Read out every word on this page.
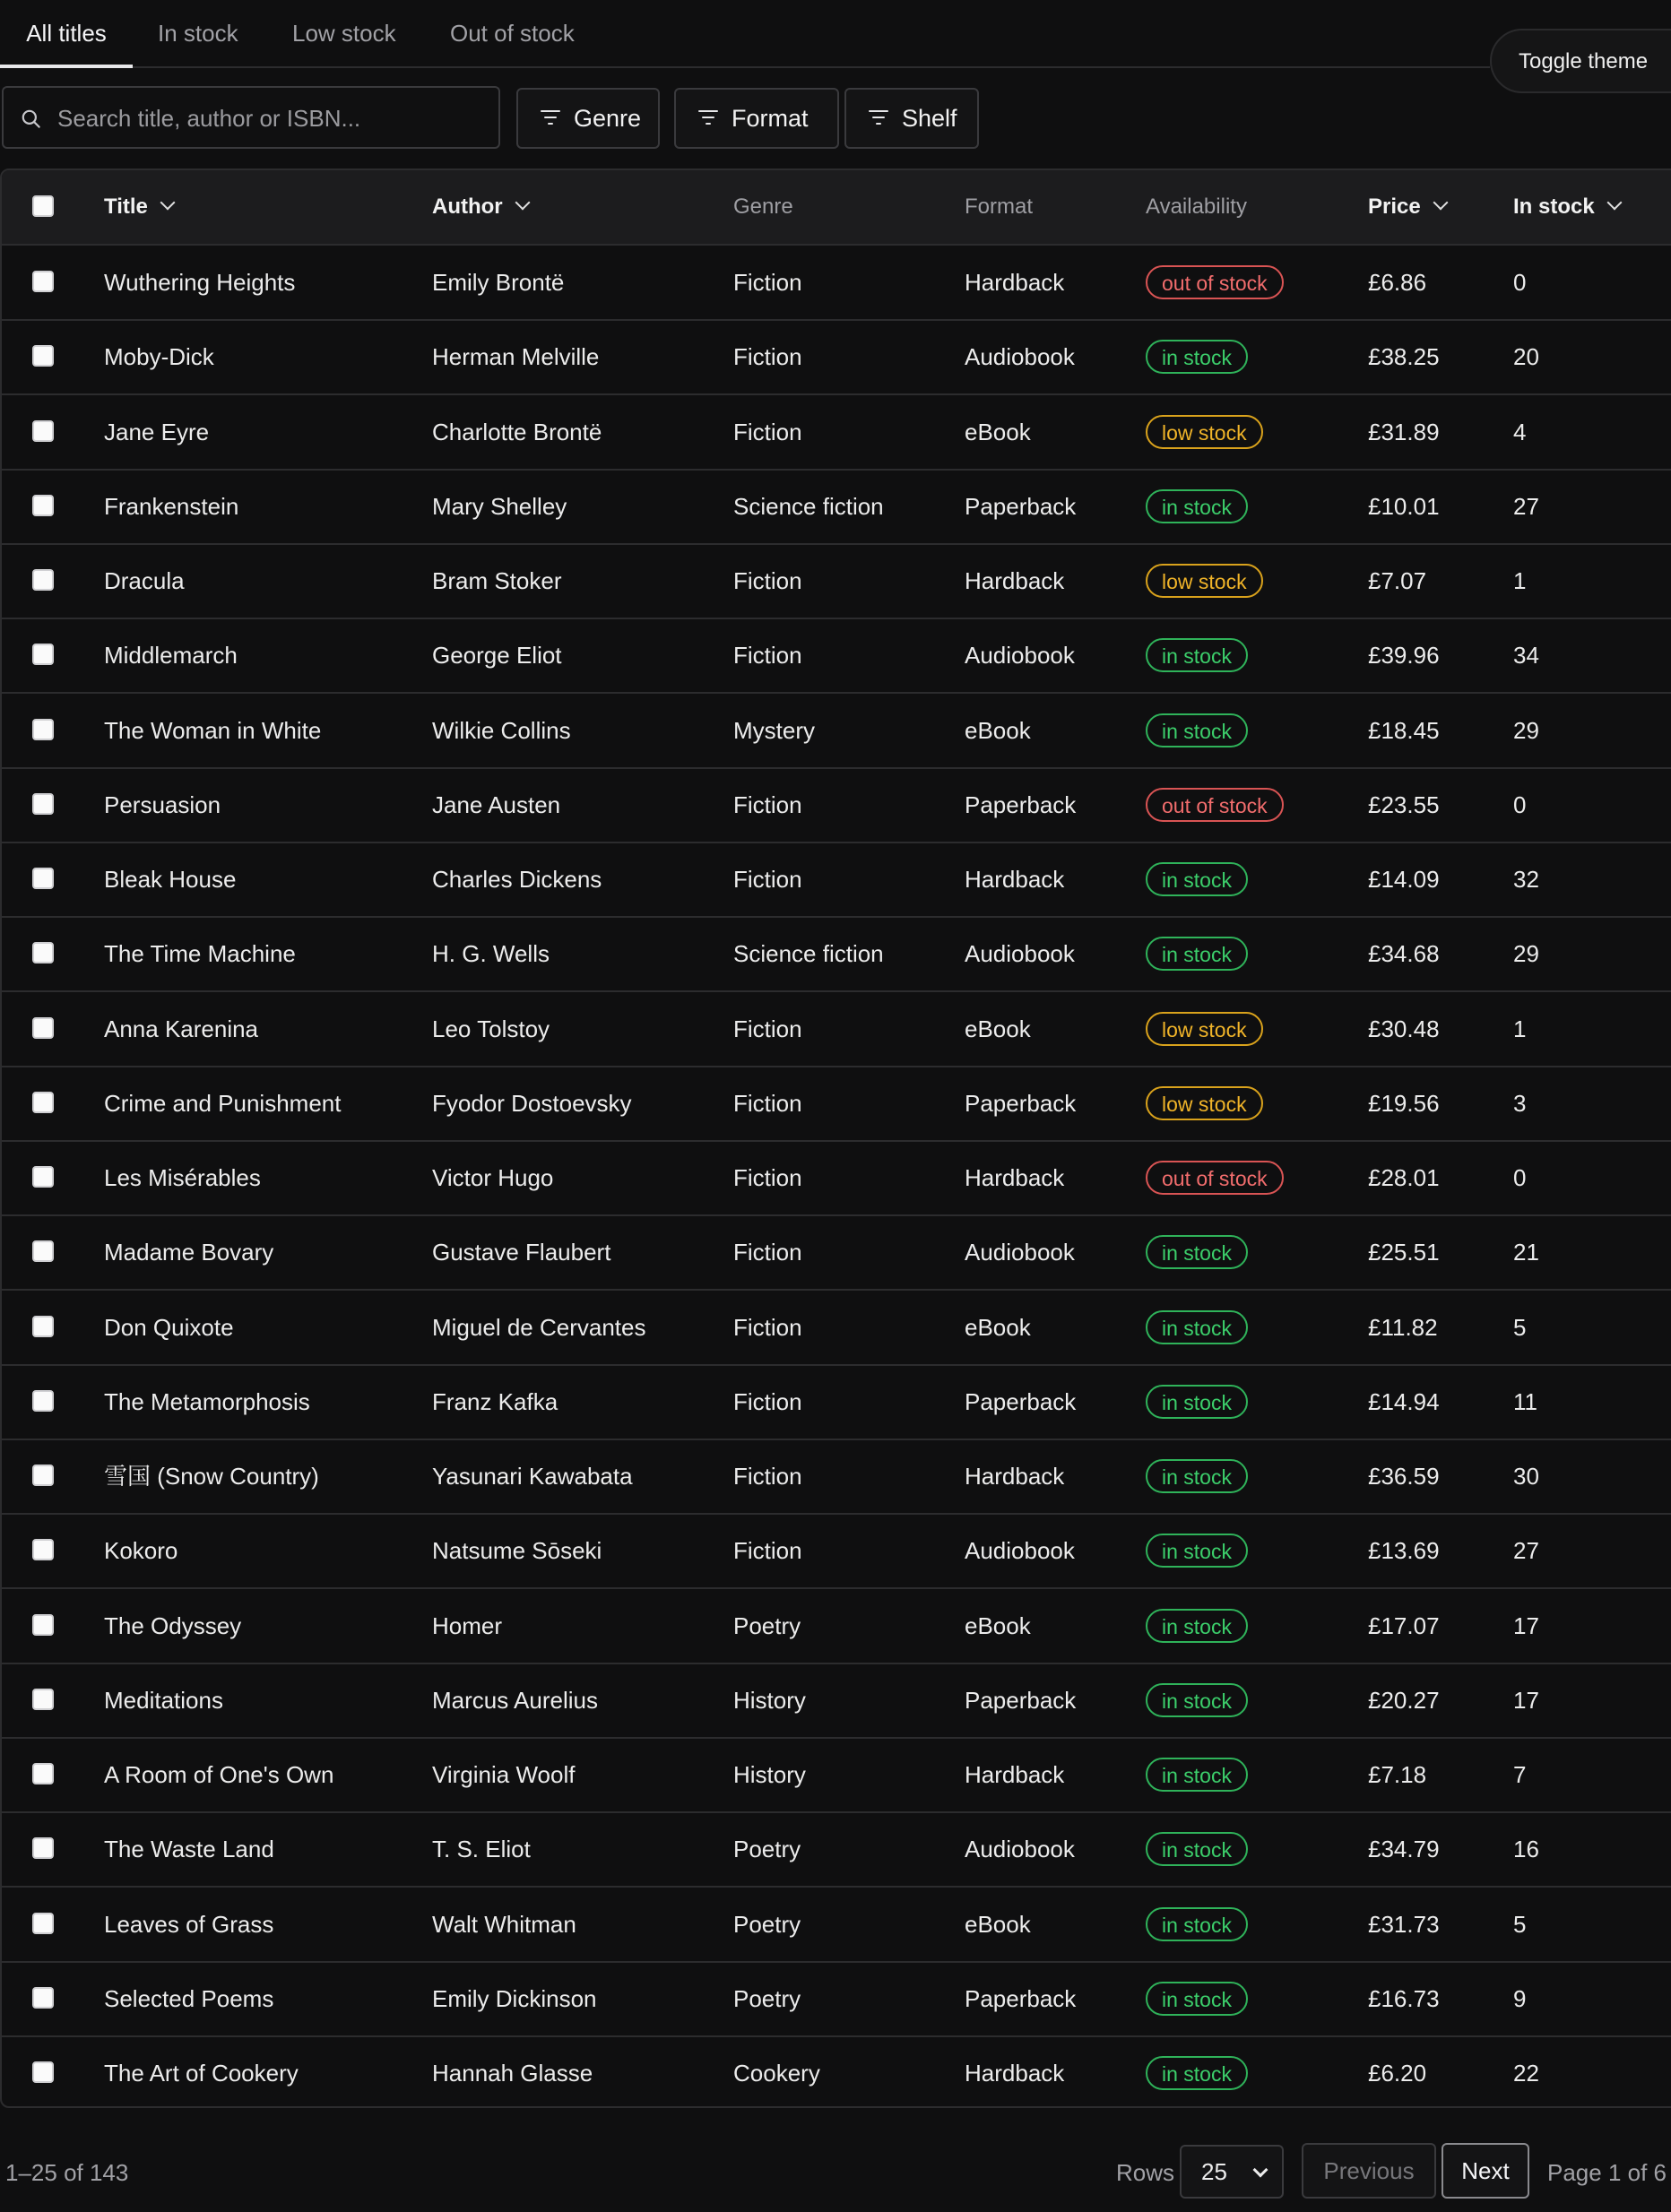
All titles	In stock Low stock Out of stock
Toggle theme
Search title, author or ISBN...
Genre	Format	Shelf
Title	Author	Genre	Format	Availability	Price	In stock
Wuthering Heights	Emily Brontë	Fiction	Hardback	out of stock	£6.86	0
Moby-Dick	Herman Melville	Fiction	Audiobook	in stock	£38.25	20
Jane Eyre	Charlotte Brontë	Fiction	eBook	low stock	£31.89	4
Frankenstein	Mary Shelley	Science fiction	Paperback	in stock	£10.01	27
Dracula	Bram Stoker	Fiction	Hardback	low stock	£7.07	1
Middlemarch	George Eliot	Fiction	Audiobook	in stock	£39.96	34
The Woman in White	Wilkie Collins	Mystery	eBook	in stock	£18.45	29
Persuasion	Jane Austen	Fiction	Paperback	out of stock	£23.55	0
Bleak House	Charles Dickens	Fiction	Hardback	in stock	£14.09	32
The Time Machine	H. G. Wells	Science fiction	Audiobook	in stock	£34.68	29
Anna Karenina	Leo Tolstoy	Fiction	eBook	low stock	£30.48	1
Crime and Punishment	Fyodor Dostoevsky	Fiction	Paperback	low stock	£19.56	3
Les Misérables	Victor Hugo	Fiction	Hardback	out of stock	£28.01	0
Madame Bovary	Gustave Flaubert	Fiction	Audiobook	in stock	£25.51	21
Don Quixote	Miguel de Cervantes	Fiction	eBook	in stock	£11.82	5
The Metamorphosis	Franz Kafka	Fiction	Paperback	in stock	£14.94	11
雪国 (Snow Country)	Yasunari Kawabata	Fiction	Hardback	in stock	£36.59	30
Kokoro	Natsume Sōseki	Fiction	Audiobook	in stock	£13.69	27
The Odyssey	Homer	Poetry	eBook	in stock	£17.07	17
Meditations	Marcus Aurelius	History	Paperback	in stock	£20.27	17
A Room of One's Own	Virginia Woolf	History	Hardback	in stock	£7.18	7
The Waste Land	T. S. Eliot	Poetry	Audiobook	in stock	£34.79	16
Leaves of Grass	Walt Whitman	Poetry	eBook	in stock	£31.73	5
Selected Poems	Emily Dickinson	Poetry	Paperback	in stock	£16.73	9
The Art of Cookery	Hannah Glasse	Cookery	Hardback	in stock	£6.20	22
1–25 of 143	Rows	25	Previous	Next	Page 1 of 6
